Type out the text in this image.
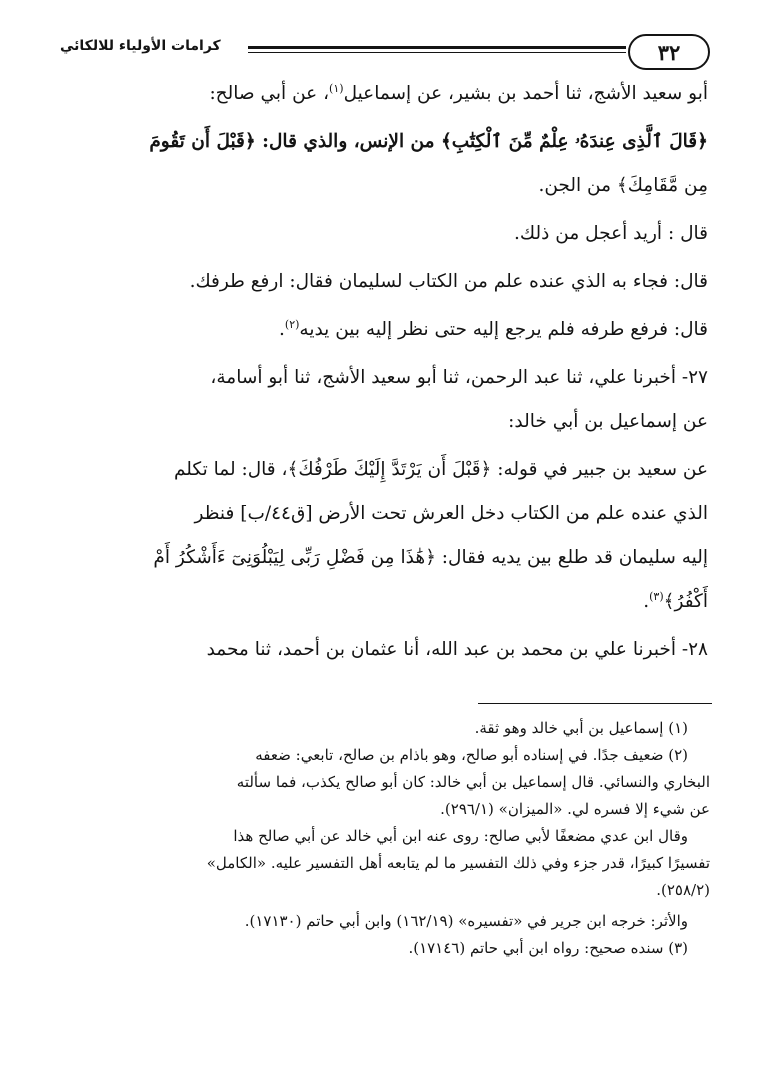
٣٢
كرامات الأولياء للالكائي

أبو سعيد الأشج، ثنا أحمد بن بشير، عن إسماعيل$^{(١)}$، عن أبي صالح:

﴿قَالَ ٱلَّذِى عِندَهُۥ عِلْمٌ مِّنَ ٱلْكِتَٰبِ﴾ من الإنس، والذي قال: ﴿قَبْلَ أَن تَقُومَ

مِن مَّقَامِكَ﴾ من الجن.

قال : أريد أعجل من ذلك.

قال: فجاء به الذي عنده علم من الكتاب لسليمان فقال: ارفع طرفك.

قال: فرفع طرفه فلم يرجع إليه حتى نظر إليه بين يديه$^{(٢)}$.

٢٧- أخبرنا علي، ثنا عبد الرحمن، ثنا أبو سعيد الأشج، ثنا أبو أسامة،

عن إسماعيل بن أبي خالد:

عن سعيد بن جبير في قوله: ﴿قَبْلَ أَن يَرْتَدَّ إِلَيْكَ طَرْفُكَ﴾، قال: لما تكلم

الذي عنده علم من الكتاب دخل العرش تحت الأرض [ق٤٤/ب] فنظر

إليه سليمان قد طلع بين يديه فقال: ﴿هَٰذَا مِن فَضْلِ رَبِّى لِيَبْلُوَنِىٓ ءَأَشْكُرُ أَمْ

أَكْفُرُ﴾$^{(٣)}$.

٢٨- أخبرنا علي بن محمد بن عبد الله، أنا عثمان بن أحمد، ثنا محمد

(١) إسماعيل بن أبي خالد وهو ثقة.

(٢) ضعيف جدًا. في إسناده أبو صالح، وهو باذام بن صالح، تابعي: ضعفه

البخاري والنسائي. قال إسماعيل بن أبي خالد: كان أبو صالح يكذب، فما سألته

عن شيء إلا فسره لي. «الميزان» (٢٩٦/١).

وقال ابن عدي مضعفًا لأبي صالح: روى عنه ابن أبي خالد عن أبي صالح هذا

تفسيرًا كبيرًا، قدر جزء وفي ذلك التفسير ما لم يتابعه أهل التفسير عليه. «الكامل»

(٢٥٨/٢).

والأثر: خرجه ابن جرير في «تفسيره» (١٦٢/١٩) وابن أبي حاتم (١٧١٣٠).

(٣) سنده صحيح: رواه ابن أبي حاتم (١٧١٤٦).
